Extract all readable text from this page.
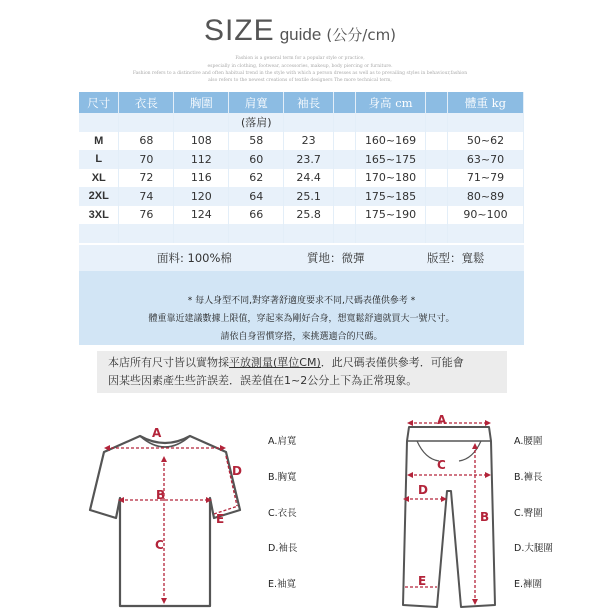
SIZE guide (公分/cm)
Fashion is a general term for a popular style or practice,
especially in clothing, footwear, accessories, makeup, body piercing or furniture.
Fashion refers to a distinctive and often habitual trend in the style with which a person dresses as well as to prevailing styles in behaviour,fashion
also refers to the newest creations of textile designers The more technical term,
尺寸	衣長	胸圍	肩寬	袖長		身高 cm		體重 kg
			(落肩)					
M	68	108	58	23		160~169		50~62
L	70	112	60	23.7		165~175		63~70
XL	72	116	62	24.4		170~180		71~79
2XL	74	120	64	25.1		175~185		80~89
3XL	76	124	66	25.8		175~190		90~100

面料: 100%棉	質地：微彈	版型：寬鬆
* 每人身型不同,對穿著舒適度要求不同,尺碼表僅供參考 *
體重靠近建議數據上限值，穿起來為剛好合身，想寬鬆舒適就買大一號尺寸。
請依自身習慣穿搭，來挑選適合的尺碼。
本店所有尺寸皆以實物採平放測量(單位CM)．此尺碼表僅供參考．可能會
因某些因素產生些許誤差．誤差值在1~2公分上下為正常現象。
A
B
C
D
E
A.肩寬
B.胸寬
C.衣長
D.袖長
E.袖寬
A
B
C
D
E
A.腰圍
B.褲長
C.臀圍
D.大腿圍
E.褲圍
